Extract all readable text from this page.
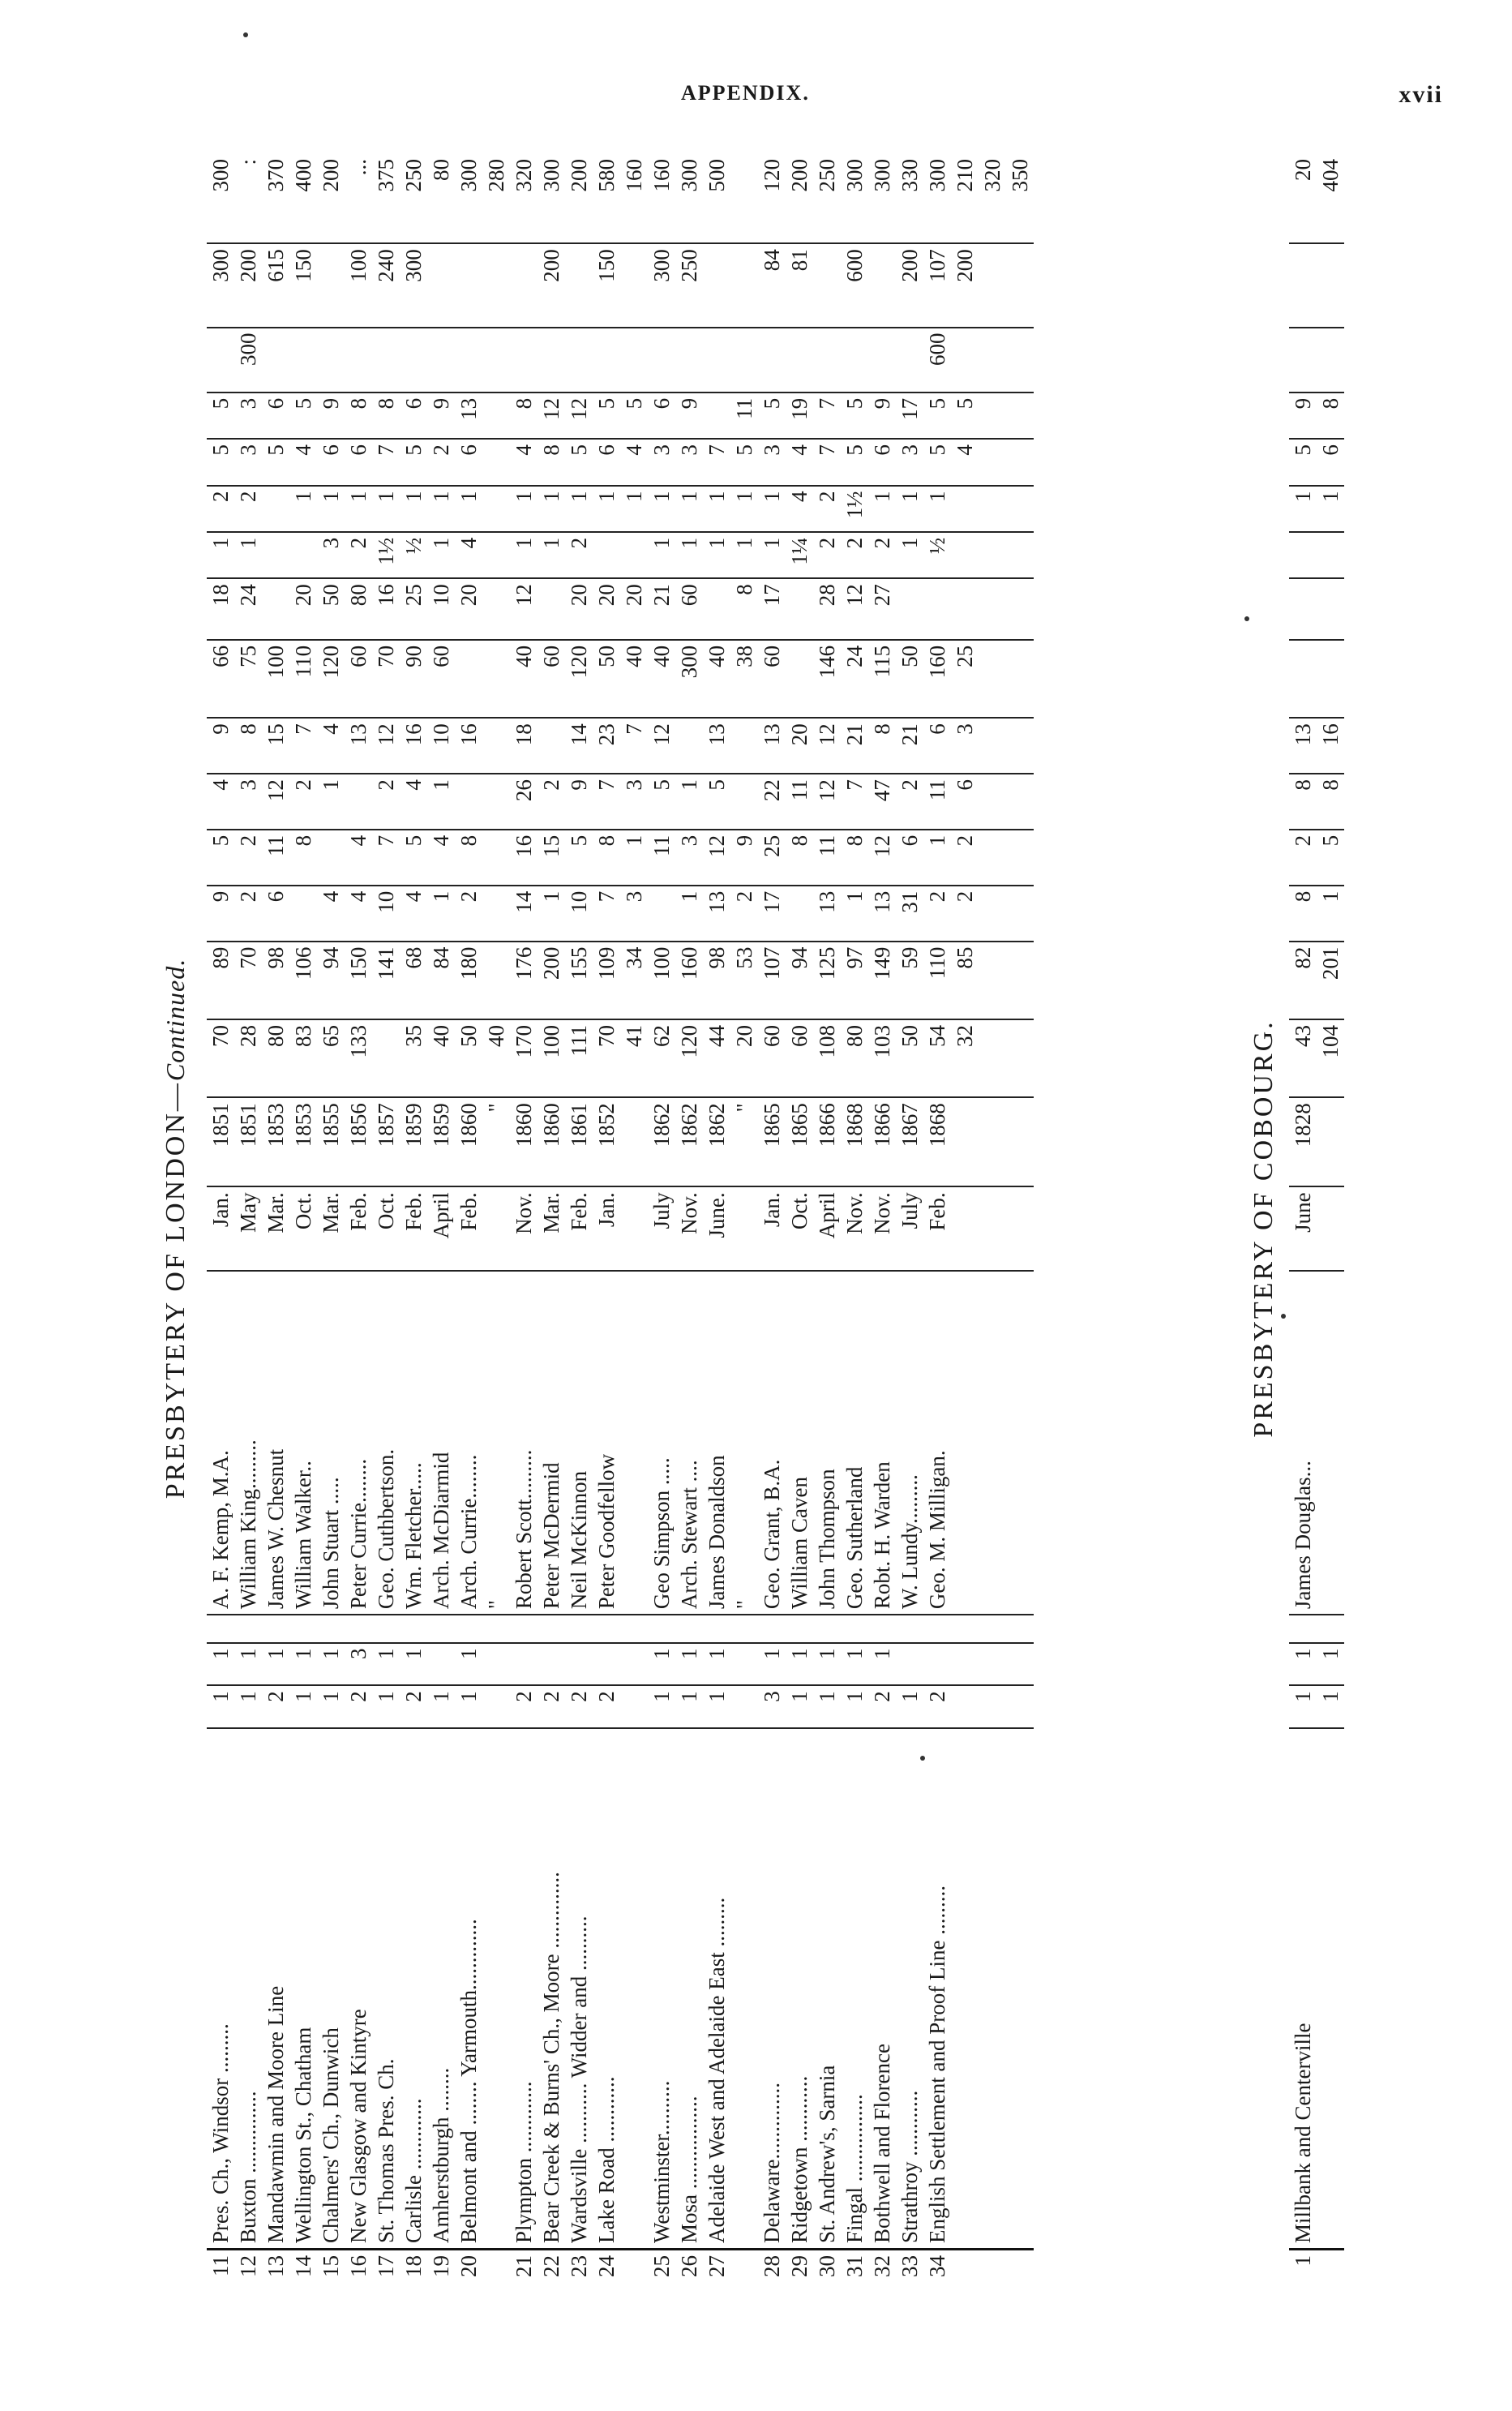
APPENDIX.	xvii
PRESBYTERY OF LONDON—Continued.
11	Pres. Ch., Windsor .........	1	1		A. F. Kemp, M.A.	Jan.	1851	70	89	9	5	4	9	66	18	1	2	5	5		300	300
12	Buxton ...............	1	1		William King.........	May	1851	28	70	2	2	3	8	75	24	1	2	3	3	300	200	:
13	Mandawmin and Moore Line	2	1		James W. Chesnut	Mar.	1853	80	98	6	11	12	15	100				5	6		615	370
14	Wellington St., Chatham	1	1		William Walker..	Oct.	1853	83	106		8	2	7	110	20		1	4	5		150	400
15	Chalmers' Ch., Dunwich	1	1		John Stuart .....	Mar.	1855	65	94	4		1	4	120	50	3	1	6	9			200
16	New Glasgow and Kintyre	2	3		Peter Currie........	Feb.	1856	133	150	4	4		13	60	80	2	1	6	8		100	...
17	St. Thomas Pres. Ch.	1	1		Geo. Cuthbertson.	Oct.	1857		141	10	7	2	12	70	16	1½	1	7	8		240	375
18	Carlisle .............	2	1		Wm. Fletcher.....	Feb.	1859	35	68	4	5	4	16	90	25	½	1	5	6		300	250
19	Amherstburgh ........	1			Arch. McDiarmid	April	1859	40	84	1	4	1	10	60	10	1	1	2	9			80
20	Belmont and ........ Yarmouth.............	1	1		Arch. Currie........	Feb.	1860	50	180	2	8		16		20	4	1	6	13			300
					"		"	40														280
21	Plympton .............	2			Robert Scott.........	Nov.	1860	170	176	14	16	26	18	40	12	1	1	4	8			320
22	Bear Creek & Burns' Ch., Moore ..............	2			Peter McDermid	Mar.	1860	100	200	1	15	2		60		1	1	8	12		200	300
23	Wardsville ........... Widder and ..........	2			Neil McKinnon	Feb.	1861	111	155	10	5	9	14	120	20	2	1	5	12			200
24	Lake Road ............	2			Peter Goodfellow	Jan.	1852	70	109	7	8	7	23	50	20		1	6	5		150	580
								41	34	3	1	3	7	40	20		1	4	5			160
25	Westminster..........	1	1		Geo Simpson .....	July	1862	62	100		11	5	12	40	21	1	1	3	6		300	160
26	Mosa .................	1	1		Arch. Stewart ....	Nov.	1862	120	160	1	3	1		300	60	1	1	3	9		250	300
27	Adelaide West and Adelaide East .........	1	1		James Donaldson	June.	1862	44	98	13	12	5	13	40		1	1	7				500
					"		"	20	53	2	9			38	8	1	1	5	11			
28	Delaware..............	3	1		Geo. Grant, B.A.	Jan.	1865	60	107	17	25	22	13	60	17	1	1	3	5		84	120
29	Ridgetown ............	1	1		William Caven	Oct.	1865	60	94		8	11	20			1¼	4	4	19		81	200
30	St. Andrew's, Sarnia	1	1		John Thompson	April	1866	108	125	13	11	12	12	146	28	2	2	7	7			250
31	Fingal ................	1	1		Geo. Sutherland	Nov.	1868	80	97	1	8	7	21	24	12	2	1½	5	5		600	300
32	Bothwell and Florence	2	1		Robt. H. Warden	Nov.	1866	103	149	13	12	47	8	115	27	2	1	6	9			300
33	Strathroy ............	1			W. Lundy.........	July	1867	50	59	31	6	2	21	50		1	1	3	17		200	330
34	English Settlement and Proof Line .........	2			Geo. M. Milligan.	Feb.	1868	54	110	2	1	11	6	160		½	1	5	5	600	107	300
								32	85	2	2	6	3	25				4	5		200	210
																						320
																						350
PRESBYTERY OF COBOURG.
1	Millbank and Centerville	1	1		James Douglas...	June	1828	43	82	8	2	8	13				1	5	9			20
		1	1					104	201	1	5	8	16				1	6	8			404
